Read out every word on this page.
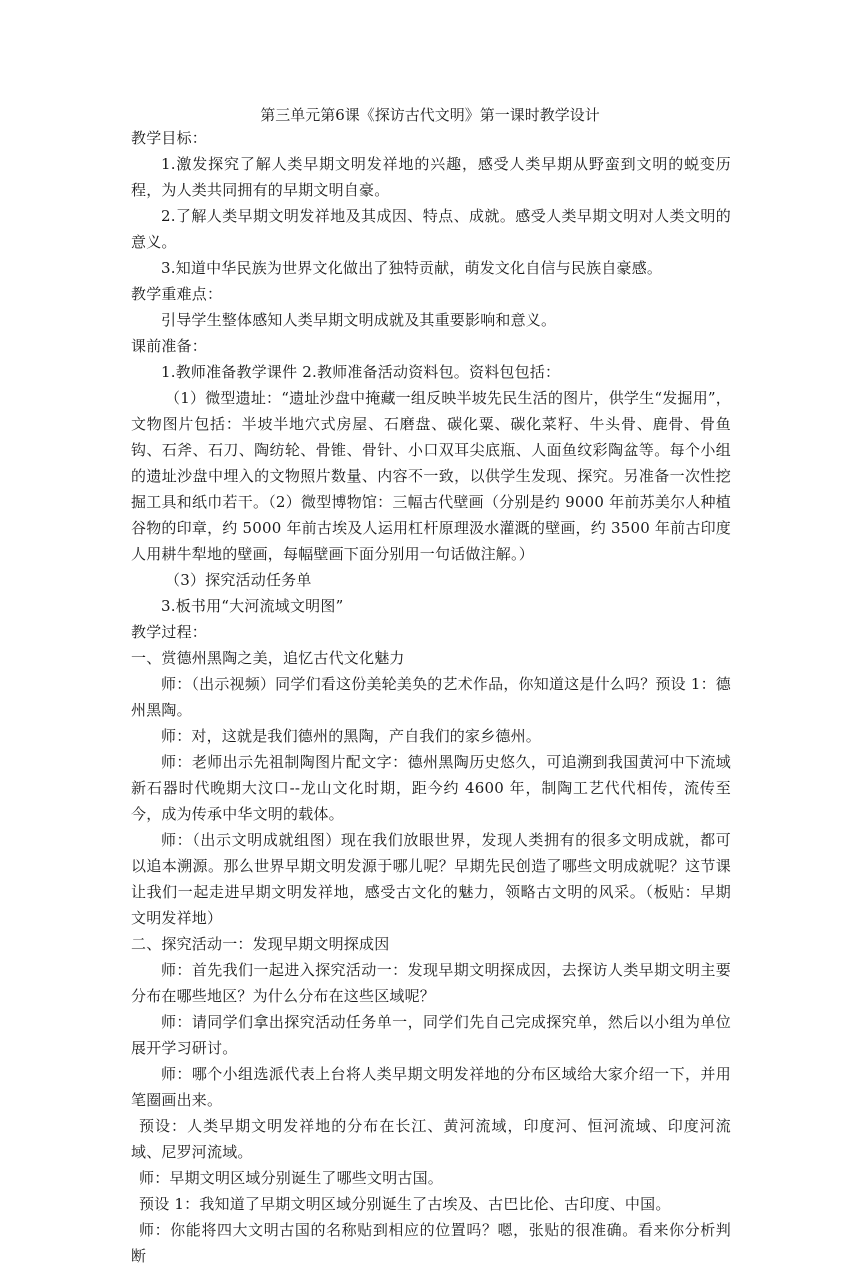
第三单元第6课《探访古代文明》第一课时教学设计

教学目标：

1.激发探究了解人类早期文明发祥地的兴趣，感受人类早期从野蛮到文明的蜕变历程，为人类共同拥有的早期文明自豪。

2.了解人类早期文明发祥地及其成因、特点、成就。感受人类早期文明对人类文明的意义。

3.知道中华民族为世界文化做出了独特贡献，萌发文化自信与民族自豪感。

教学重难点：

引导学生整体感知人类早期文明成就及其重要影响和意义。

课前准备：

1.教师准备教学课件 2.教师准备活动资料包。资料包包括：

（1）微型遗址：“遗址沙盘中掩藏一组反映半坡先民生活的图片，供学生“发掘用”，文物图片包括：半坡半地穴式房屋、石磨盘、碳化粟、碳化菜籽、牛头骨、鹿骨、骨鱼钩、石斧、石刀、陶纺轮、骨锥、骨针、小口双耳尖底瓶、人面鱼纹彩陶盆等。每个小组的遗址沙盘中埋入的文物照片数量、内容不一致，以供学生发现、探究。另准备一次性挖掘工具和纸巾若干。（2）微型博物馆：三幅古代壁画（分别是约 9000 年前苏美尔人种植谷物的印章，约 5000 年前古埃及人运用杠杆原理汲水灌溉的壁画，约 3500 年前古印度人用耕牛犁地的壁画，每幅壁画下面分别用一句话做注解。）

（3）探究活动任务单

3.板书用“大河流域文明图”

教学过程：

一、赏德州黑陶之美，追忆古代文化魅力

师：（出示视频）同学们看这份美轮美奂的艺术作品，你知道这是什么吗？预设 1：德州黑陶。

师：对，这就是我们德州的黑陶，产自我们的家乡德州。

师：老师出示先祖制陶图片配文字：德州黑陶历史悠久，可追溯到我国黄河中下流域新石器时代晚期大汶口--龙山文化时期，距今约 4600 年，制陶工艺代代相传，流传至今，成为传承中华文明的载体。

师：（出示文明成就组图）现在我们放眼世界，发现人类拥有的很多文明成就，都可以追本溯源。那么世界早期文明发源于哪儿呢？早期先民创造了哪些文明成就呢？这节课让我们一起走进早期文明发祥地，感受古文化的魅力，领略古文明的风采。（板贴：早期文明发祥地）

二、探究活动一：发现早期文明探成因

师：首先我们一起进入探究活动一：发现早期文明探成因，去探访人类早期文明主要分布在哪些地区？为什么分布在这些区域呢？

师：请同学们拿出探究活动任务单一，同学们先自己完成探究单，然后以小组为单位展开学习研讨。

师：哪个小组选派代表上台将人类早期文明发祥地的分布区域给大家介绍一下，并用笔圈画出来。

预设：人类早期文明发祥地的分布在长江、黄河流域，印度河、恒河流域、印度河流域、尼罗河流域。

师：早期文明区域分别诞生了哪些文明古国。

预设 1：我知道了早期文明区域分别诞生了古埃及、古巴比伦、古印度、中国。

师：你能将四大文明古国的名称贴到相应的位置吗？嗯，张贴的很准确。看来你分析判断
